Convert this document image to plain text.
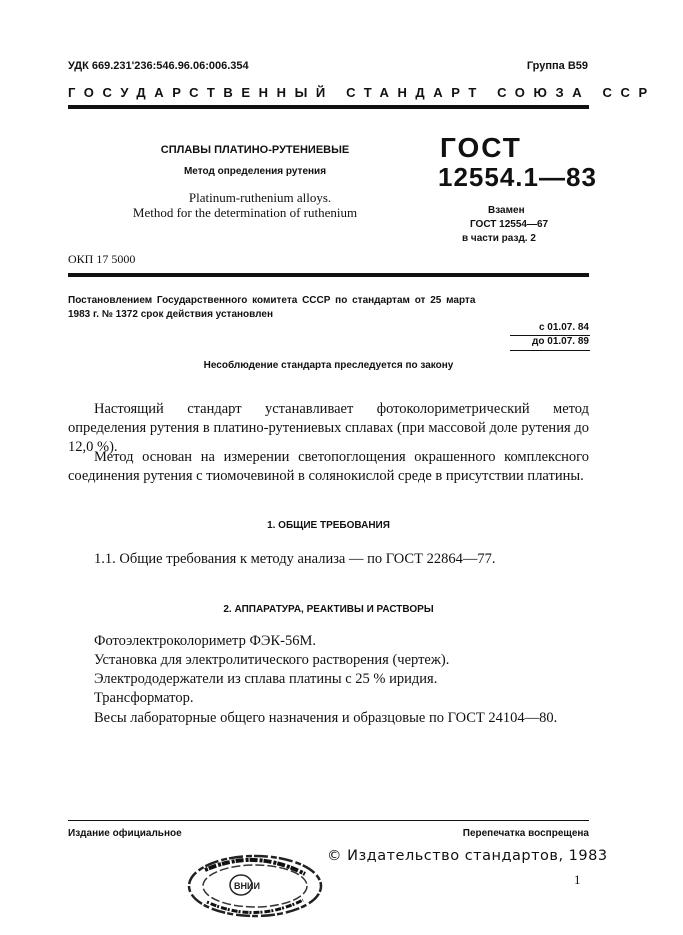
УДК 669.231'236:546.96.06:006.354	Группа В59
ГОСУДАРСТВЕННЫЙ СТАНДАРТ СОЮЗА ССР
СПЛАВЫ ПЛАТИНО-РУТЕНИЕВЫЕ
Метод определения рутения
Platinum-ruthenium alloys.
Method for the determination of ruthenium
ГОСТ
12554.1—83
Взамен
ГОСТ 12554—67
в части разд. 2
ОКП 17 5000
Постановлением Государственного комитета СССР по стандартам от 25 марта
1983 г. № 1372 срок действия установлен
с 01.07. 84
до 01.07. 89
Несоблюдение стандарта преследуется по закону
Настоящий стандарт устанавливает фотоколориметрический метод определения рутения в платино-рутениевых сплавах (при массовой доле рутения до 12,0 %).
Метод основан на измерении светопоглощения окрашенного комплексного соединения рутения с тиомочевиной в солянокислой среде в присутствии платины.
1. ОБЩИЕ ТРЕБОВАНИЯ
1.1. Общие требования к методу анализа — по ГОСТ 22864—77.
2. АППАРАТУРА, РЕАКТИВЫ И РАСТВОРЫ
Фотоэлектроколориметр ФЭК-56М.
Установка для электролитического растворения (чертеж).
Электрододержатели из сплава платины с 25 % иридия.
Трансформатор.
Весы лабораторные общего назначения и образцовые по ГОСТ 24104—80.
Издание официальное	Перепечатка воспрещена
© Издательство стандартов, 1983
1
ВНИИ
